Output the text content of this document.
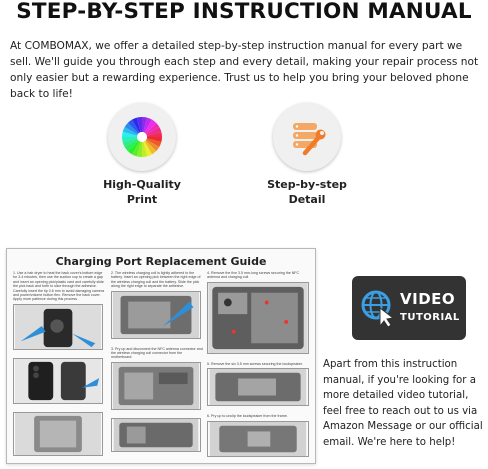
STEP-BY-STEP INSTRUCTION MANUAL

At COMBOMAX, we offer a detailed step-by-step instruction manual for every part we sell. We'll guide you through each step and every detail, making your repair process not only easier but a rewarding experience. Trust us to help you bring your beloved phone back to life!

High-Quality
Print
Step-by-step
Detail
Charging Port Replacement Guide
1. Use a hair dryer to heat the back cover's bottom edge for 3-4 minutes, then use the suction cup to create a gap and insert an opening pick/plastic card and carefully slide the pick back and forth to slice through the adhesive. Carefully insert the tip 0.6 mm to avoid damaging camera and power/volume button flex. Remove the back cover. Apply more patience during this process.

2. The wireless charging coil is lightly adhered to the battery. Insert an opening pick between the right edge of the wireless charging coil and the battery. Slide the pick along the right edge to separate the adhesive.
3. Pry up and disconnect the NFC antenna connector and the wireless charging coil connector from the motherboard.

4. Remove the five 3.5 mm-long screws securing the NFC antenna and charging coil.
5. Remove the six 3.5 mm screws securing the loudspeaker.
6. Pry up to unclip the loudspeaker from the frame.
VIDEO
TUTORIAL

Apart from this instruction manual, if you're looking for a more detailed video tutorial, feel free to reach out to us via Amazon Message or our official email. We're here to help!
